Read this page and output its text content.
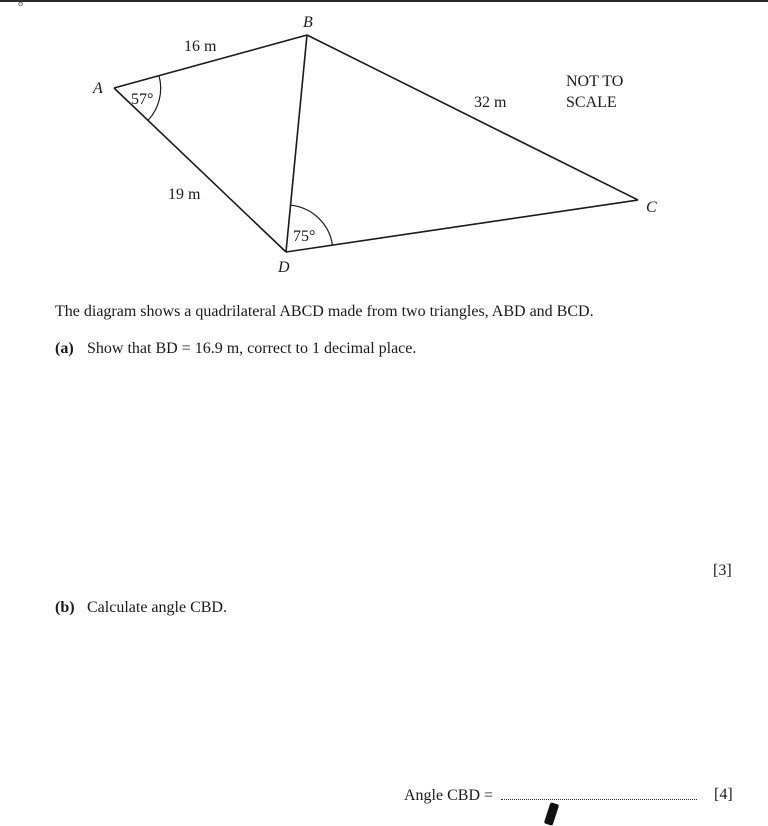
8
B
A
C
D
16 m
32 m
19 m
57°
75°
NOT TO
SCALE
The diagram shows a quadrilateral ABCD made from two triangles, ABD and BCD.
(a) Show that BD = 16.9 m, correct to 1 decimal place.
[3]
(b) Calculate angle CBD.
Angle CBD =	[4]
